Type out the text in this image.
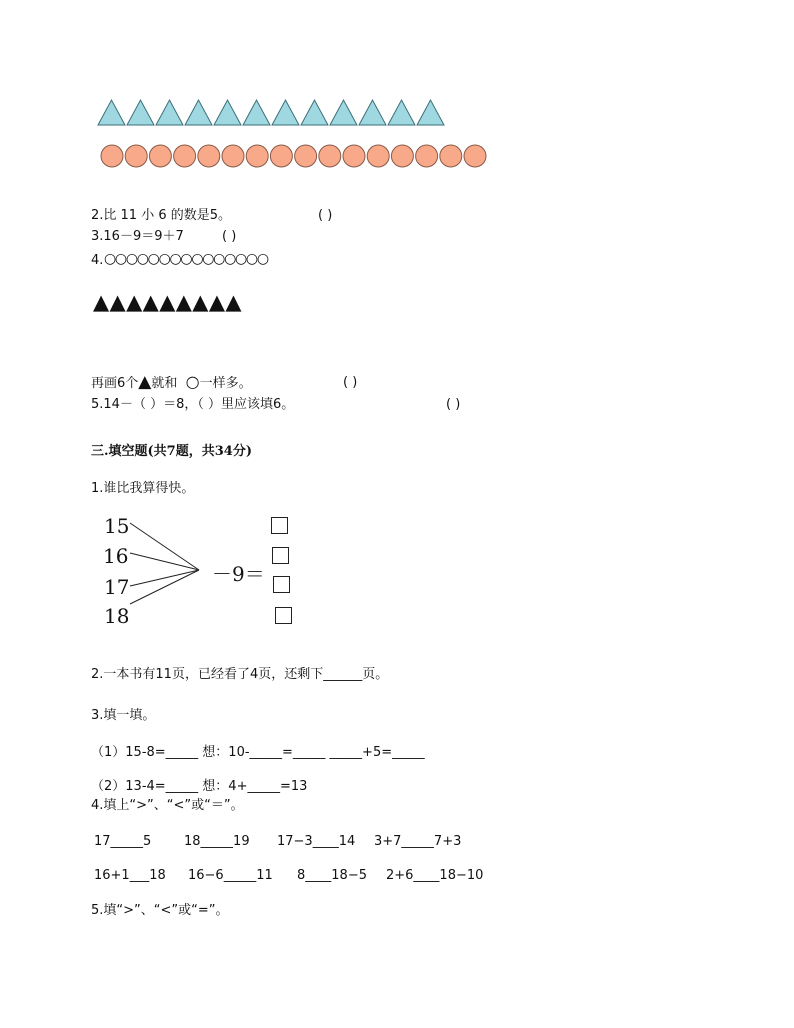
2.比 11 小 6 的数是5。	( )
3.16－9＝9＋7	( )
4. ○○○○○○○○○○○○○○○
▲▲▲▲▲▲▲▲▲
再画6个▲就和 ○一样多。	( )
5.14－（ ）＝8，（ ）里应该填6。	( )
三.填空题(共7题，共34分)
1.谁比我算得快。
15
16
17
18
－9＝
2.一本书有11页，已经看了4页，还剩下______页。
3.填一填。
（1）15-8=_____ 想：10-_____=_____ _____+5=_____
（2）13-4=_____ 想：4+_____=13
4.填上“>”、“<”或“＝”。
17_____5	18_____19 17−3____14 3+7_____7+3
16+1___18 16−6_____11 8____18−5 2+6____18−10
5.填“>”、“<”或“=”。
